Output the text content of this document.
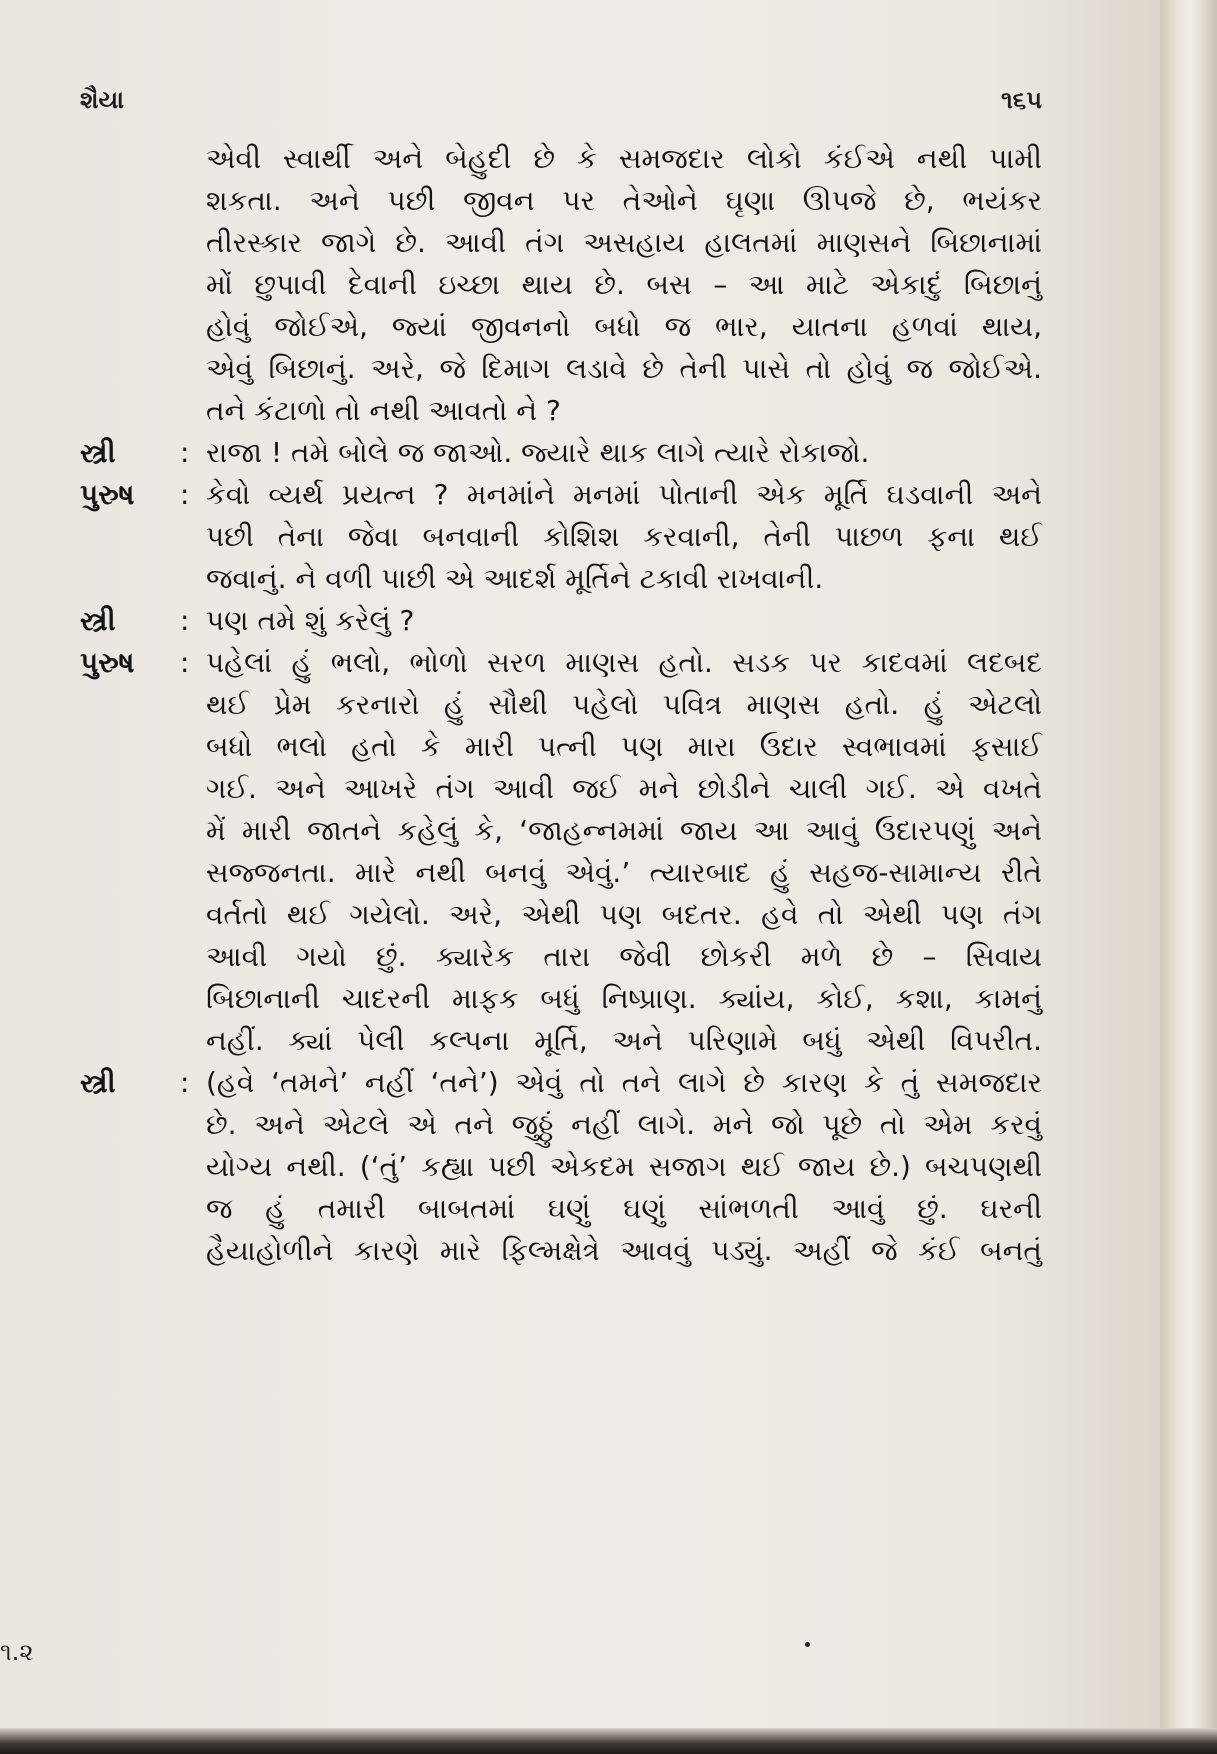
શૈયા	૧૬૫
એવી સ્વાર્થી અને બેહુદી છે કે સમજદાર લોકો કંઈએ નથી પામી
શકતા. અને પછી જીવન પર તેઓને ઘૃણા ઊપજે છે, ભયંકર
તીરસ્કાર જાગે છે. આવી તંગ અસહાય હાલતમાં માણસને બિછાનામાં
મોં છુપાવી દેવાની ઇચ્છા થાય છે. બસ – આ માટે એકાદું બિછાનું
હોવું જોઈએ, જ્યાં જીવનનો બધો જ ભાર, યાતના હળવાં થાય,
એવું બિછાનું. અરે, જે દિમાગ લડાવે છે તેની પાસે તો હોવું જ જોઈએ.
તને કંટાળો તો નથી આવતો ને ?
સ્ત્રી	: રાજા ! તમે બોલે જ જાઓ. જ્યારે થાક લાગે ત્યારે રોકાજો.
પુરુષ	: કેવો વ્યર્થ પ્રયત્ન ? મનમાંને મનમાં પોતાની એક મૂર્તિ ઘડવાની અને
પછી તેના જેવા બનવાની કોશિશ કરવાની, તેની પાછળ ફના થઈ
જવાનું. ને વળી પાછી એ આદર્શ મૂર્તિને ટકાવી રાખવાની.
સ્ત્રી	: પણ તમે શું કરેલું ?
પુરુષ	: પહેલાં હું ભલો, ભોળો સરળ માણસ હતો. સડક પર કાદવમાં લદબદ
થઈ પ્રેમ કરનારો હું સૌથી પહેલો પવિત્ર માણસ હતો. હું એટલો
બધો ભલો હતો કે મારી પત્ની પણ મારા ઉદાર સ્વભાવમાં ફસાઈ
ગઈ. અને આખરે તંગ આવી જઈ મને છોડીને ચાલી ગઈ. એ વખતે
મેં મારી જાતને કહેલું કે, ‘જાહન્નમમાં જાય આ આવું ઉદારપણું અને
સજ્જનતા. મારે નથી બનવું એવું.’ ત્યારબાદ હું સહજ-સામાન્ય રીતે
વર્તતો થઈ ગયેલો. અરે, એથી પણ બદતર. હવે તો એથી પણ તંગ
આવી ગયો છું. ક્યારેક તારા જેવી છોકરી મળે છે – સિવાય
બિછાનાની ચાદરની માફક બધું નિષ્પ્રાણ. ક્યાંય, કોઈ, કશા, કામનું
નહીં. ક્યાં પેલી કલ્પના મૂર્તિ, અને પરિણામે બધું એથી વિપરીત.
સ્ત્રી	: (હવે ‘તમને’ નહીં ‘તને’) એવું તો તને લાગે છે કારણ કે તું સમજદાર
છે. અને એટલે એ તને જુઠ્ઠું નહીં લાગે. મને જો પૂછે તો એમ કરવું
યોગ્ય નથી. (‘તું’ કહ્યા પછી એકદમ સજાગ થઈ જાય છે.) બચપણથી
જ હું તમારી બાબતમાં ઘણું ઘણું સાંભળતી આવું છું. ઘરની
હૈયાહોળીને કારણે મારે ફિલ્મક્ષેત્રે આવવું પડ્યું. અહીં જે કંઈ બનતું
૧.૨
